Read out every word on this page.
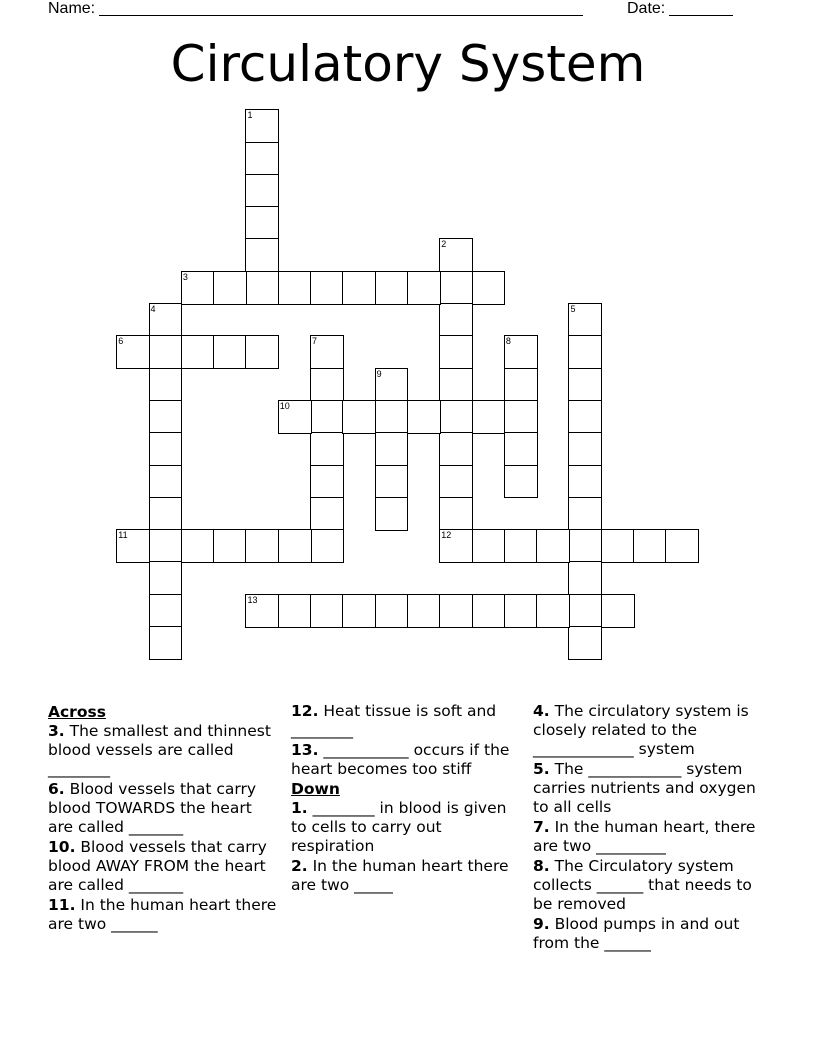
Name:	Date:
Circulatory System
1
2
12
3
4	5
6	7	8
9
10
11
13
Across
3. The smallest and thinnest blood vessels are called ________
6. Blood vessels that carry blood TOWARDS the heart are called _______
10. Blood vessels that carry blood AWAY FROM the heart are called _______
11. In the human heart there are two ______
12. Heat tissue is soft and ________
13. ___________ occurs if the heart becomes too stiff
Down
1. ________ in blood is given to cells to carry out respiration
2. In the human heart there are two _____
4. The circulatory system is closely related to the _____________ system
5. The ____________ system carries nutrients and oxygen to all cells
7. In the human heart, there are two _________
8. The Circulatory system collects ______ that needs to be removed
9. Blood pumps in and out from the ______
